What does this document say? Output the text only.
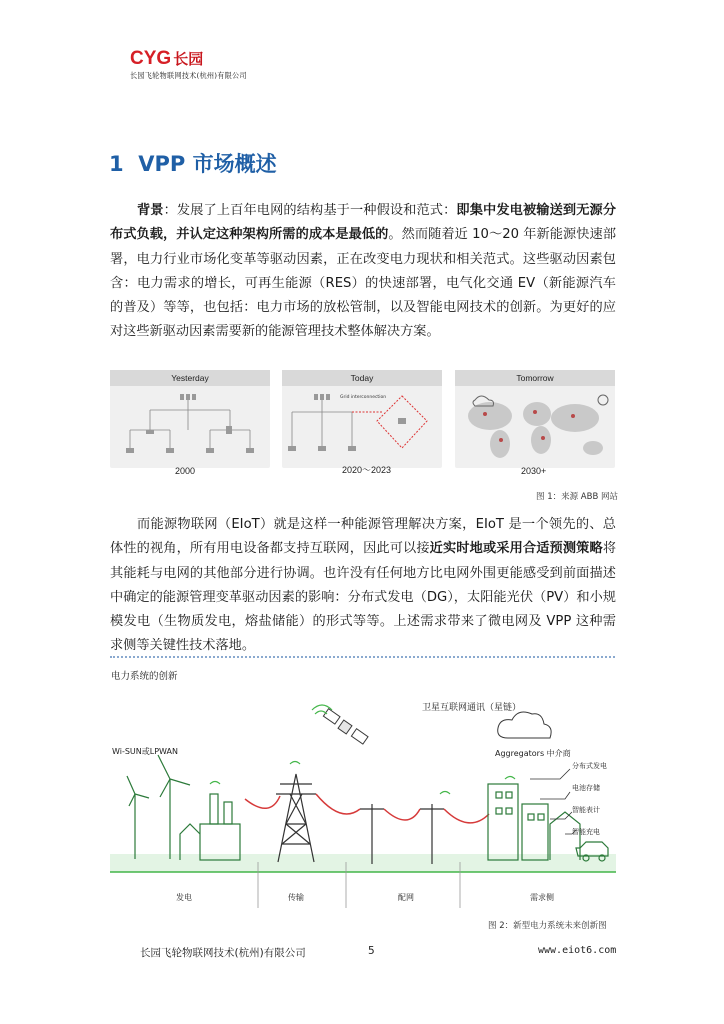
CYG 长园
长园飞轮物联网技术(杭州)有限公司
1 VPP 市场概述
背景：发展了上百年电网的结构基于一种假设和范式：即集中发电被输送到无源分布式负载，并认定这种架构所需的成本是最低的。然而随着近 10～20 年新能源快速部署，电力行业市场化变革等驱动因素，正在改变电力现状和相关范式。这些驱动因素包含：电力需求的增长，可再生能源（RES）的快速部署，电气化交通 EV（新能源汽车的普及）等等，也包括：电力市场的放松管制，以及智能电网技术的创新。为更好的应对这些新驱动因素需要新的能源管理技术整体解决方案。
Yesterday
2000
Today
Grid interconnection
2020～2023
Tomorrow
2030+
图 1：来源 ABB 网站
而能源物联网（EIoT）就是这样一种能源管理解决方案，EIoT 是一个领先的、总体性的视角，所有用电设备都支持互联网，因此可以接近实时地或采用合适预测策略将其能耗与电网的其他部分进行协调。也许没有任何地方比电网外围更能感受到前面描述中确定的能源管理变革驱动因素的影响：分布式发电（DG），太阳能光伏（PV）和小规模发电（生物质发电，熔盐储能）的形式等等。上述需求带来了微电网及 VPP 这种需求侧等关键性技术落地。
电力系统的创新
卫星互联网通讯（星链）
Wi-SUN或LPWAN	Aggregators 中介商
分布式发电
电池存储
智能表计
智能充电
发电	传输	配网	需求侧
图 2：新型电力系统未来创新图
长园飞轮物联网技术(杭州)有限公司	5	www.eiot6.com
